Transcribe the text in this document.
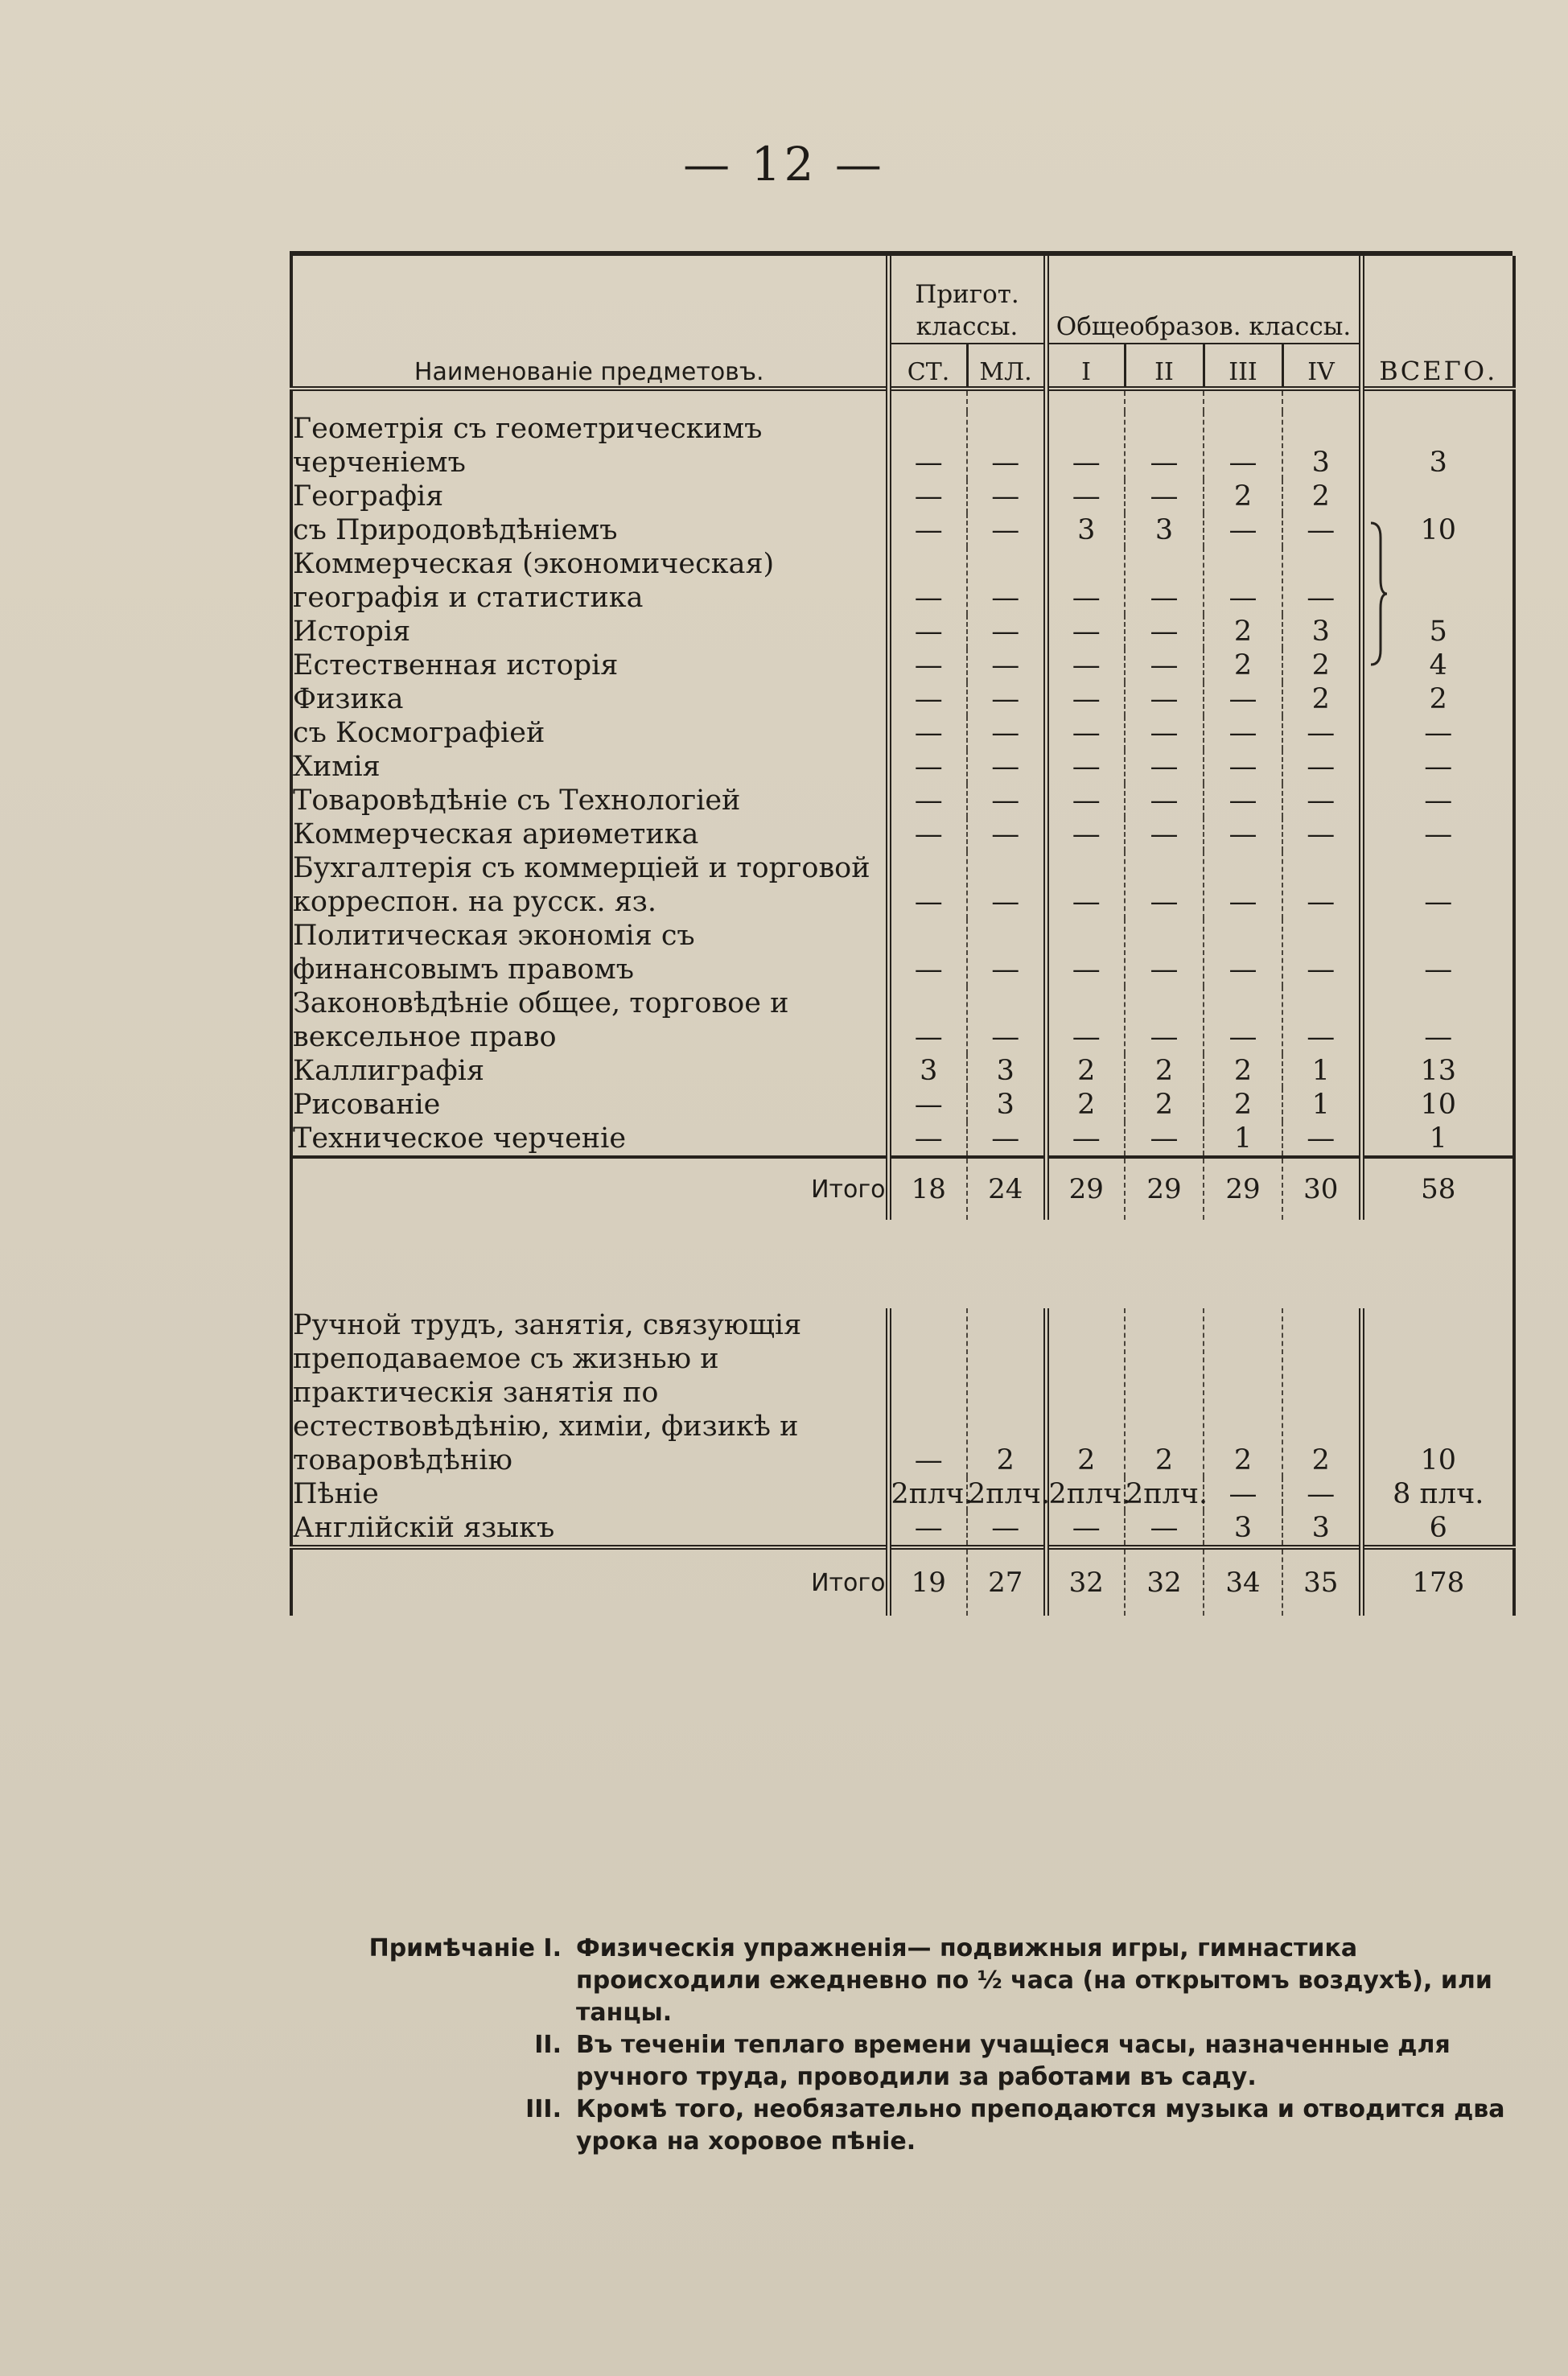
— 12 —
Наименованіе предметовъ.	Пригот. классы.		Общеобразов. классы.				ВСЕГО.
	СТ.	МЛ.	I	II	III	IV	

Геометрія съ геометрическимъ черченіемъ	—	—	—	—	—	3	3
Географія	—	—	—	—	2	2	
съ Природовѣдѣніемъ	—	—	3	3	—	—	10
Коммерческая (экономическая) географія и статистика	—	—	—	—	—	—	
Исторія	—	—	—	—	2	3	5
Естественная исторія	—	—	—	—	2	2	4
Физика	—	—	—	—	—	2	2
съ Космографіей	—	—	—	—	—	—	—
Химія	—	—	—	—	—	—	—
Товаровѣдѣніе съ Технологіей	—	—	—	—	—	—	—
Коммерческая ариѳметика	—	—	—	—	—	—	—
Бухгалтерія съ коммерціей и торговой корреспон. на русск. яз.	—	—	—	—	—	—	—
Политическая экономія съ финансовымъ правомъ	—	—	—	—	—	—	—
Законовѣдѣніе общее, торговое и вексельное право	—	—	—	—	—	—	—
Каллиграфія	3	3	2	2	2	1	13
Рисованіе	—	3	2	2	2	1	10
Техническое черченіе	—	—	—	—	1	—	1
Итого	18	24	29	29	29	30	58

Ручной трудъ, занятія, связующія преподаваемое съ жизнью и практическія занятія по естествовѣдѣнію, химіи, физикѣ и товаровѣдѣнію	—	2	2	2	2	2	10
Пѣніе	2плч.	2плч.	2плч.	2плч.	—	—	8 плч.
Англійскій языкъ	—	—	—	—	3	3	6
Итого	19	27	32	32	34	35	178
Примѣчаніе I. Физическія упражненія— подвижныя игры, гимнастика происходили ежедневно по ½ часа (на открытомъ воздухѣ), или танцы.
II. Въ теченіи теплаго времени учащіеся часы, назначенные для ручного труда, проводили за работами въ саду.
III. Кромѣ того, необязательно преподаются музыка и отводится два урока на хоровое пѣніе.
